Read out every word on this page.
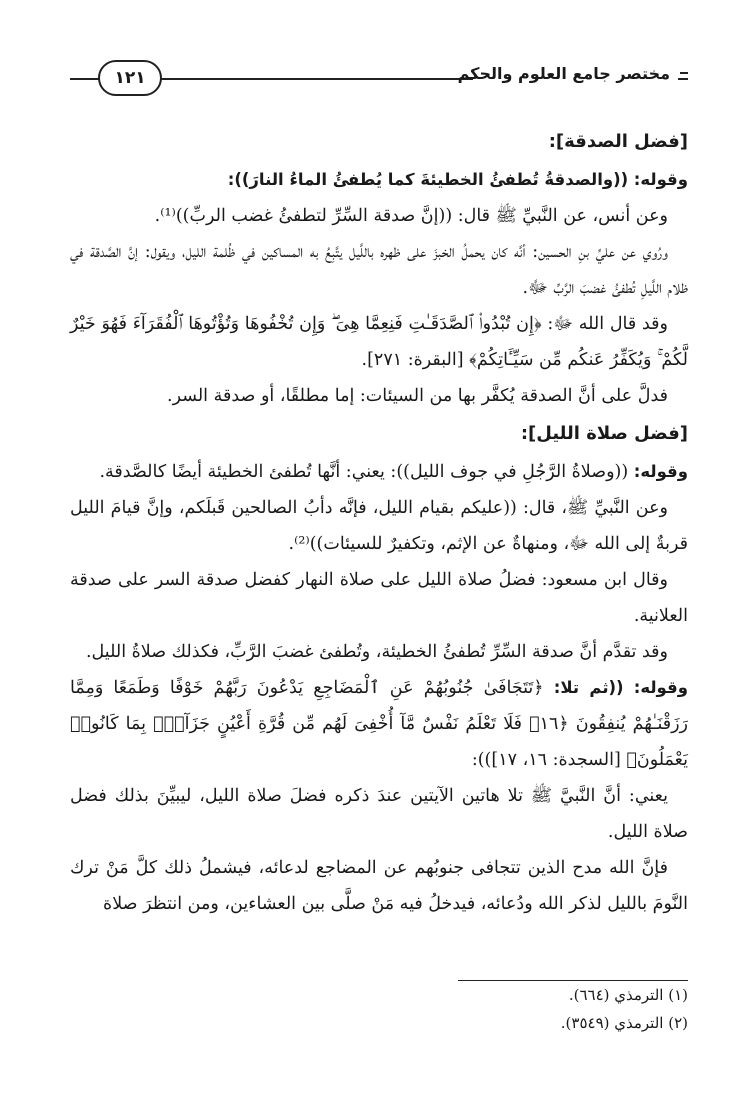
مختصر جامع العلوم والحكم
١٢١
[فضل الصدقة]:

وقوله: ((والصدقةُ تُطفئُ الخطيئةَ كما يُطفئُ الماءُ النارَ)):

وعن أنس، عن النَّبيِّ ﷺ قال: ((إنَّ صدقة السِّرِّ لتطفئُ غضب الربِّ))⁽¹⁾.

ورُوي عن عليِّ بنِ الحسين: أنَّه كان يحملُ الخبزَ على ظهره باللَّيل يتَّبِعُ به المساكين في ظُلمة الليل، ويقول: إنَّ الصَّدقة في ظلام اللَّيلِ تُطفئُ غضبَ الرَّبِّ ﷻ.

وقد قال الله ﷻ: ﴿إِن تُبْدُوا۟ ٱلصَّدَقَـٰتِ فَنِعِمَّا هِىَ ۖ وَإِن تُخْفُوهَا وَتُؤْتُوهَا ٱلْفُقَرَآءَ فَهُوَ خَيْرٌ لَّكُمْ ۚ وَيُكَفِّرُ عَنكُم مِّن سَيِّـَٔاتِكُمْ﴾ [البقرة: ٢٧١].

فدلَّ على أنَّ الصدقة يُكفَّر بها من السيئات: إما مطلقًا، أو صدقة السر.

[فضل صلاة الليل]:

وقوله: ((وصلاةُ الرَّجُلِ في جوف الليل)): يعني: أنَّها تُطفئ الخطيئة أيضًا كالصَّدقة.

وعن النَّبيِّ ﷺ، قال: ((عليكم بقيام الليل، فإنَّه دأبُ الصالحين قَبلَكم، وإنَّ قيامَ الليل قربةٌ إلى الله ﷻ، ومنهاةٌ عن الإثم، وتكفيرٌ للسيئات))⁽²⁾.

وقال ابن مسعود: فضلُ صلاة الليل على صلاة النهار كفضل صدقة السر على صدقة العلانية.

وقد تقدَّم أنَّ صدقة السِّرِّ تُطفئُ الخطيئة، وتُطفئ غضبَ الرَّبِّ، فكذلك صلاةُ الليل.

وقوله: ((ثم تلا: ﴿تَتَجَافَىٰ جُنُوبُهُمْ عَنِ ٱلْمَضَاجِعِ يَدْعُونَ رَبَّهُمْ خَوْفًا وَطَمَعًا وَمِمَّا رَزَقْنَـٰهُمْ يُنفِقُونَ ﴿١٦﴾ فَلَا تَعْلَمُ نَفْسٌ مَّآ أُخْفِىَ لَهُم مِّن قُرَّةِ أَعْيُنٍ جَزَآءًۢ بِمَا كَانُوا۟ يَعْمَلُونَ﴾ [السجدة: ١٦، ١٧])):

يعني: أنَّ النَّبيَّ ﷺ تلا هاتين الآيتين عندَ ذكره فضلَ صلاة الليل، ليبيِّنَ بذلك فضل صلاة الليل.

فإنَّ الله مدح الذين تتجافى جنوبُهم عن المضاجع لدعائه، فيشملُ ذلك كلَّ مَنْ ترك النَّومَ بالليل لذكر الله ودُعائه، فيدخلُ فيه مَنْ صلَّى بين العشاءين، ومن انتظرَ صلاة

(١) الترمذي (٦٦٤).
(٢) الترمذي (٣٥٤٩).
